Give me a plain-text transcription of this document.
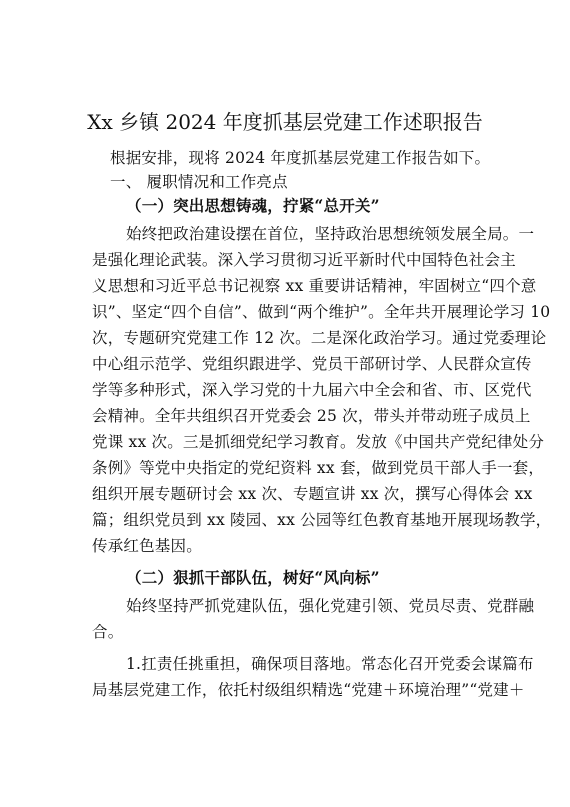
Xx 乡镇 2024 年度抓基层党建工作述职报告

根据安排，现将 2024 年度抓基层党建工作报告如下。

一、 履职情况和工作亮点

（一）突出思想铸魂，拧紧“总开关”

始终把政治建设摆在首位，坚持政治思想统领发展全局。一

是强化理论武装。深入学习贯彻习近平新时代中国特色社会主

义思想和习近平总书记视察 xx 重要讲话精神，牢固树立“四个意

识”、坚定“四个自信”、做到“两个维护”。全年共开展理论学习 10

次，专题研究党建工作 12 次。二是深化政治学习。通过党委理论

中心组示范学、党组织跟进学、党员干部研讨学、人民群众宣传

学等多种形式，深入学习党的十九届六中全会和省、市、区党代

会精神。全年共组织召开党委会 25 次，带头并带动班子成员上

党课 xx 次。三是抓细党纪学习教育。发放《中国共产党纪律处分

条例》等党中央指定的党纪资料 xx 套，做到党员干部人手一套，

组织开展专题研讨会 xx 次、专题宣讲 xx 次，撰写心得体会 xx

篇；组织党员到 xx 陵园、xx 公园等红色教育基地开展现场教学，

传承红色基因。

（二）狠抓干部队伍，树好“风向标”

始终坚持严抓党建队伍，强化党建引领、党员尽责、党群融

合。

1.扛责任挑重担，确保项目落地。常态化召开党委会谋篇布

局基层党建工作，依托村级组织精选“党建＋环境治理”“党建＋
